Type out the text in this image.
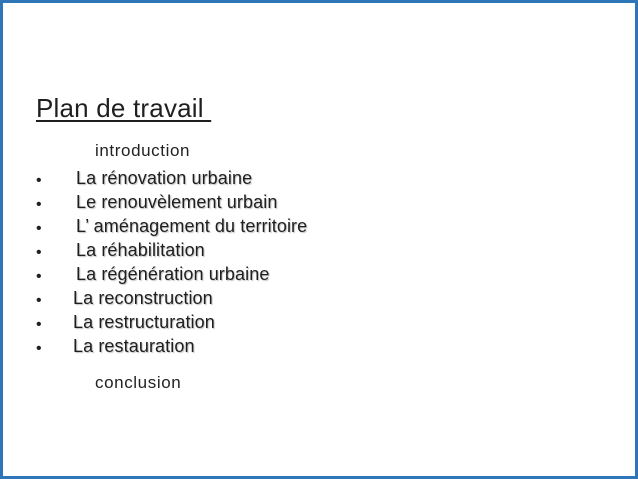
Plan de travail
introduction
• La rénovation urbaine
• Le renouvèlement urbain
• L’ aménagement du territoire
• La réhabilitation
• La régénération urbaine
• La reconstruction
• La restructuration
• La restauration
conclusion
